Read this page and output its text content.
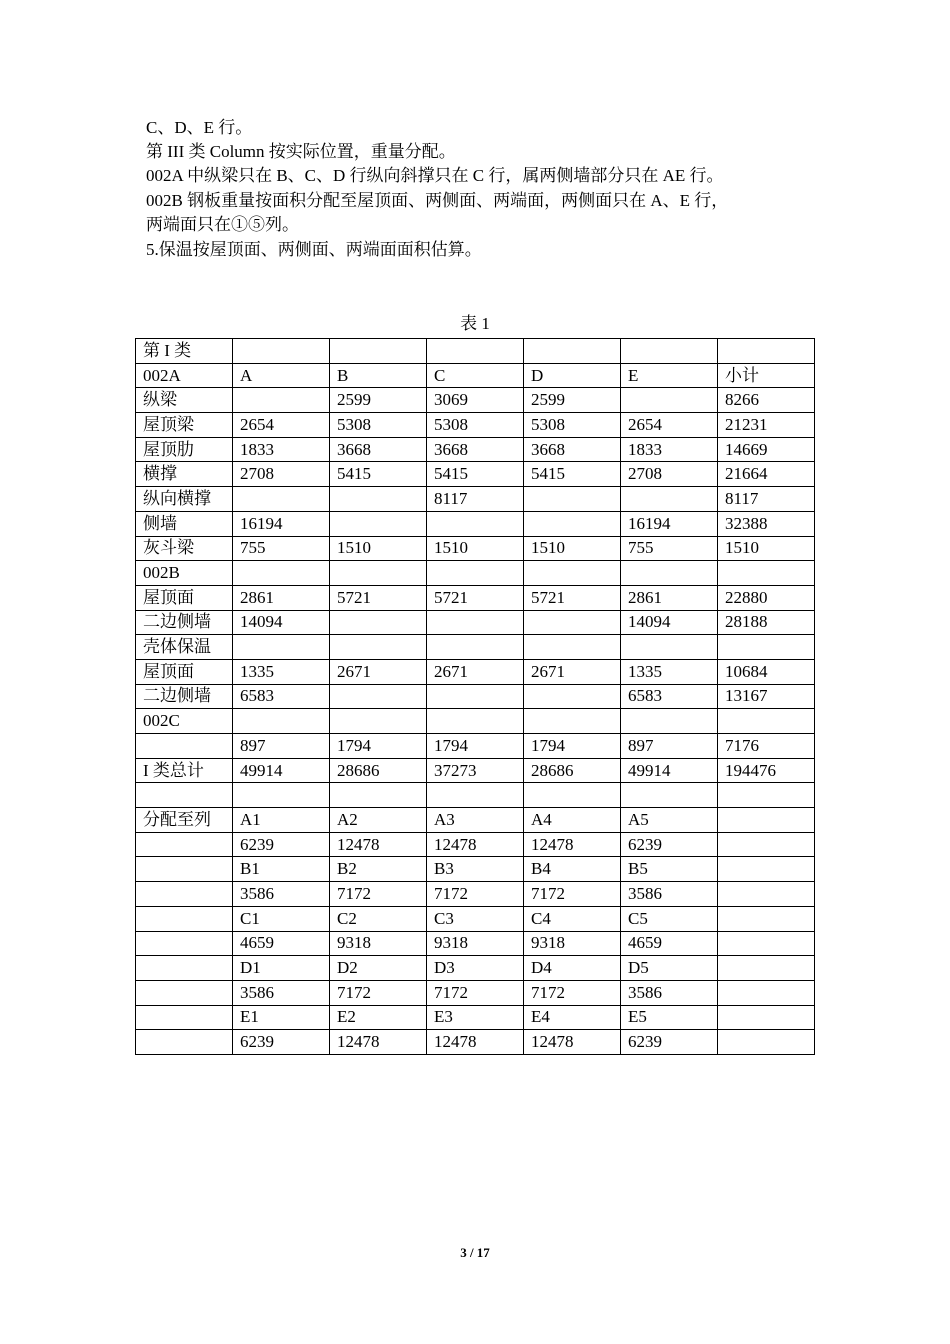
C、D、E 行。

第 III 类 Column 按实际位置，重量分配。

002A 中纵梁只在 B、C、D 行纵向斜撑只在 C 行，属两侧墙部分只在 AE 行。

002B 钢板重量按面积分配至屋顶面、两侧面、两端面，两侧面只在 A、E 行，

两端面只在①⑤列。

5.保温按屋顶面、两侧面、两端面面积估算。

表 1
第 I 类						
002A	A	B	C	D	E	小计
纵梁		2599	3069	2599		8266
屋顶梁	2654	5308	5308	5308	2654	21231
屋顶肋	1833	3668	3668	3668	1833	14669
横撑	2708	5415	5415	5415	2708	21664
纵向横撑			8117			8117
侧墙	16194				16194	32388
灰斗梁	755	1510	1510	1510	755	1510
002B						
屋顶面	2861	5721	5721	5721	2861	22880
二边侧墙	14094				14094	28188
壳体保温						
屋顶面	1335	2671	2671	2671	1335	10684
二边侧墙	6583				6583	13167
002C						
	897	1794	1794	1794	897	7176
I 类总计	49914	28686	37273	28686	49914	194476

分配至列	A1	A2	A3	A4	A5	
	6239	12478	12478	12478	6239	
	B1	B2	B3	B4	B5	
	3586	7172	7172	7172	3586	
	C1	C2	C3	C4	C5	
	4659	9318	9318	9318	4659	
	D1	D2	D3	D4	D5	
	3586	7172	7172	7172	3586	
	E1	E2	E3	E4	E5	
	6239	12478	12478	12478	6239	
3 / 17
